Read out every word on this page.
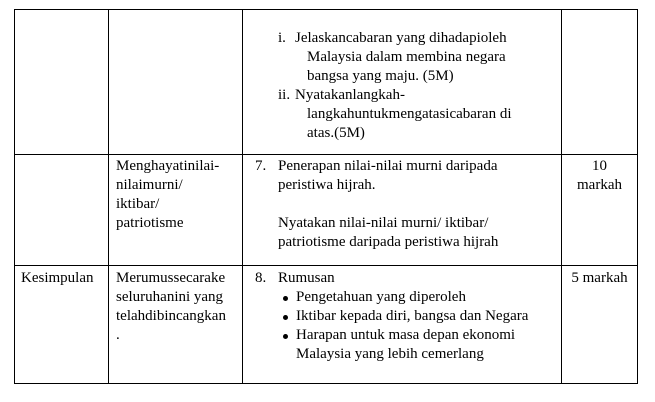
i. Jelaskancabaran yang dihadapioleh
Malaysia dalam membina negara
bangsa yang maju. (5M)
ii. Nyatakanlangkah-
langkahuntukmengatasicabaran di
atas.(5M)
Menghayatinilai-
nilaimurni/
iktibar/
patriotisme
7. Penerapan nilai-nilai murni daripada
peristiwa hijrah.
Nyatakan nilai-nilai murni/ iktibar/
patriotisme daripada peristiwa hijrah
10
markah
Kesimpulan Merumussecarake
seluruhanini yang
telahdibincangkan
.
8. Rumusan
Pengetahuan yang diperoleh
Iktibar kepada diri, bangsa dan Negara
Harapan untuk masa depan ekonomi
Malaysia yang lebih cemerlang
5 markah
